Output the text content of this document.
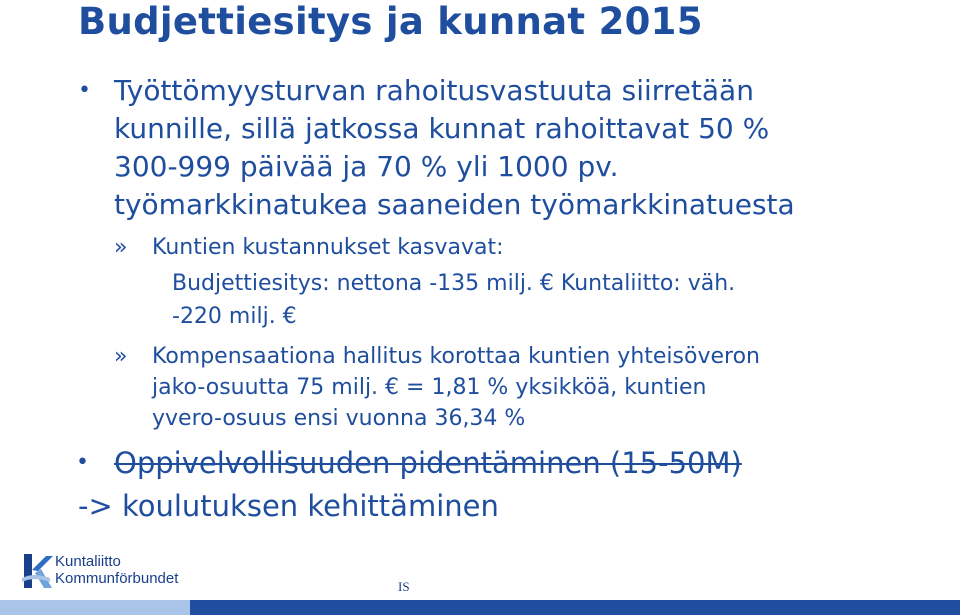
Budjettiesitys ja kunnat 2015
• Työttömyysturvan rahoitusvastuuta siirretään
kunnille, sillä jatkossa kunnat rahoittavat 50 %
300-999 päivää ja 70 % yli 1000 pv.
työmarkkinatukea saaneiden työmarkkinatuesta
» Kuntien kustannukset kasvavat:
Budjettiesitys: nettona -135 milj. € Kuntaliitto: väh.
-220 milj. €
» Kompensaationa hallitus korottaa kuntien yhteisöveron
jako-osuutta 75 milj. € = 1,81 % yksikköä, kuntien
yvero-osuus ensi vuonna 36,34 %
• Oppivelvollisuuden pidentäminen (15-50M)
-> koulutuksen kehittäminen
Kuntaliitto
Kommunförbundet	IS
